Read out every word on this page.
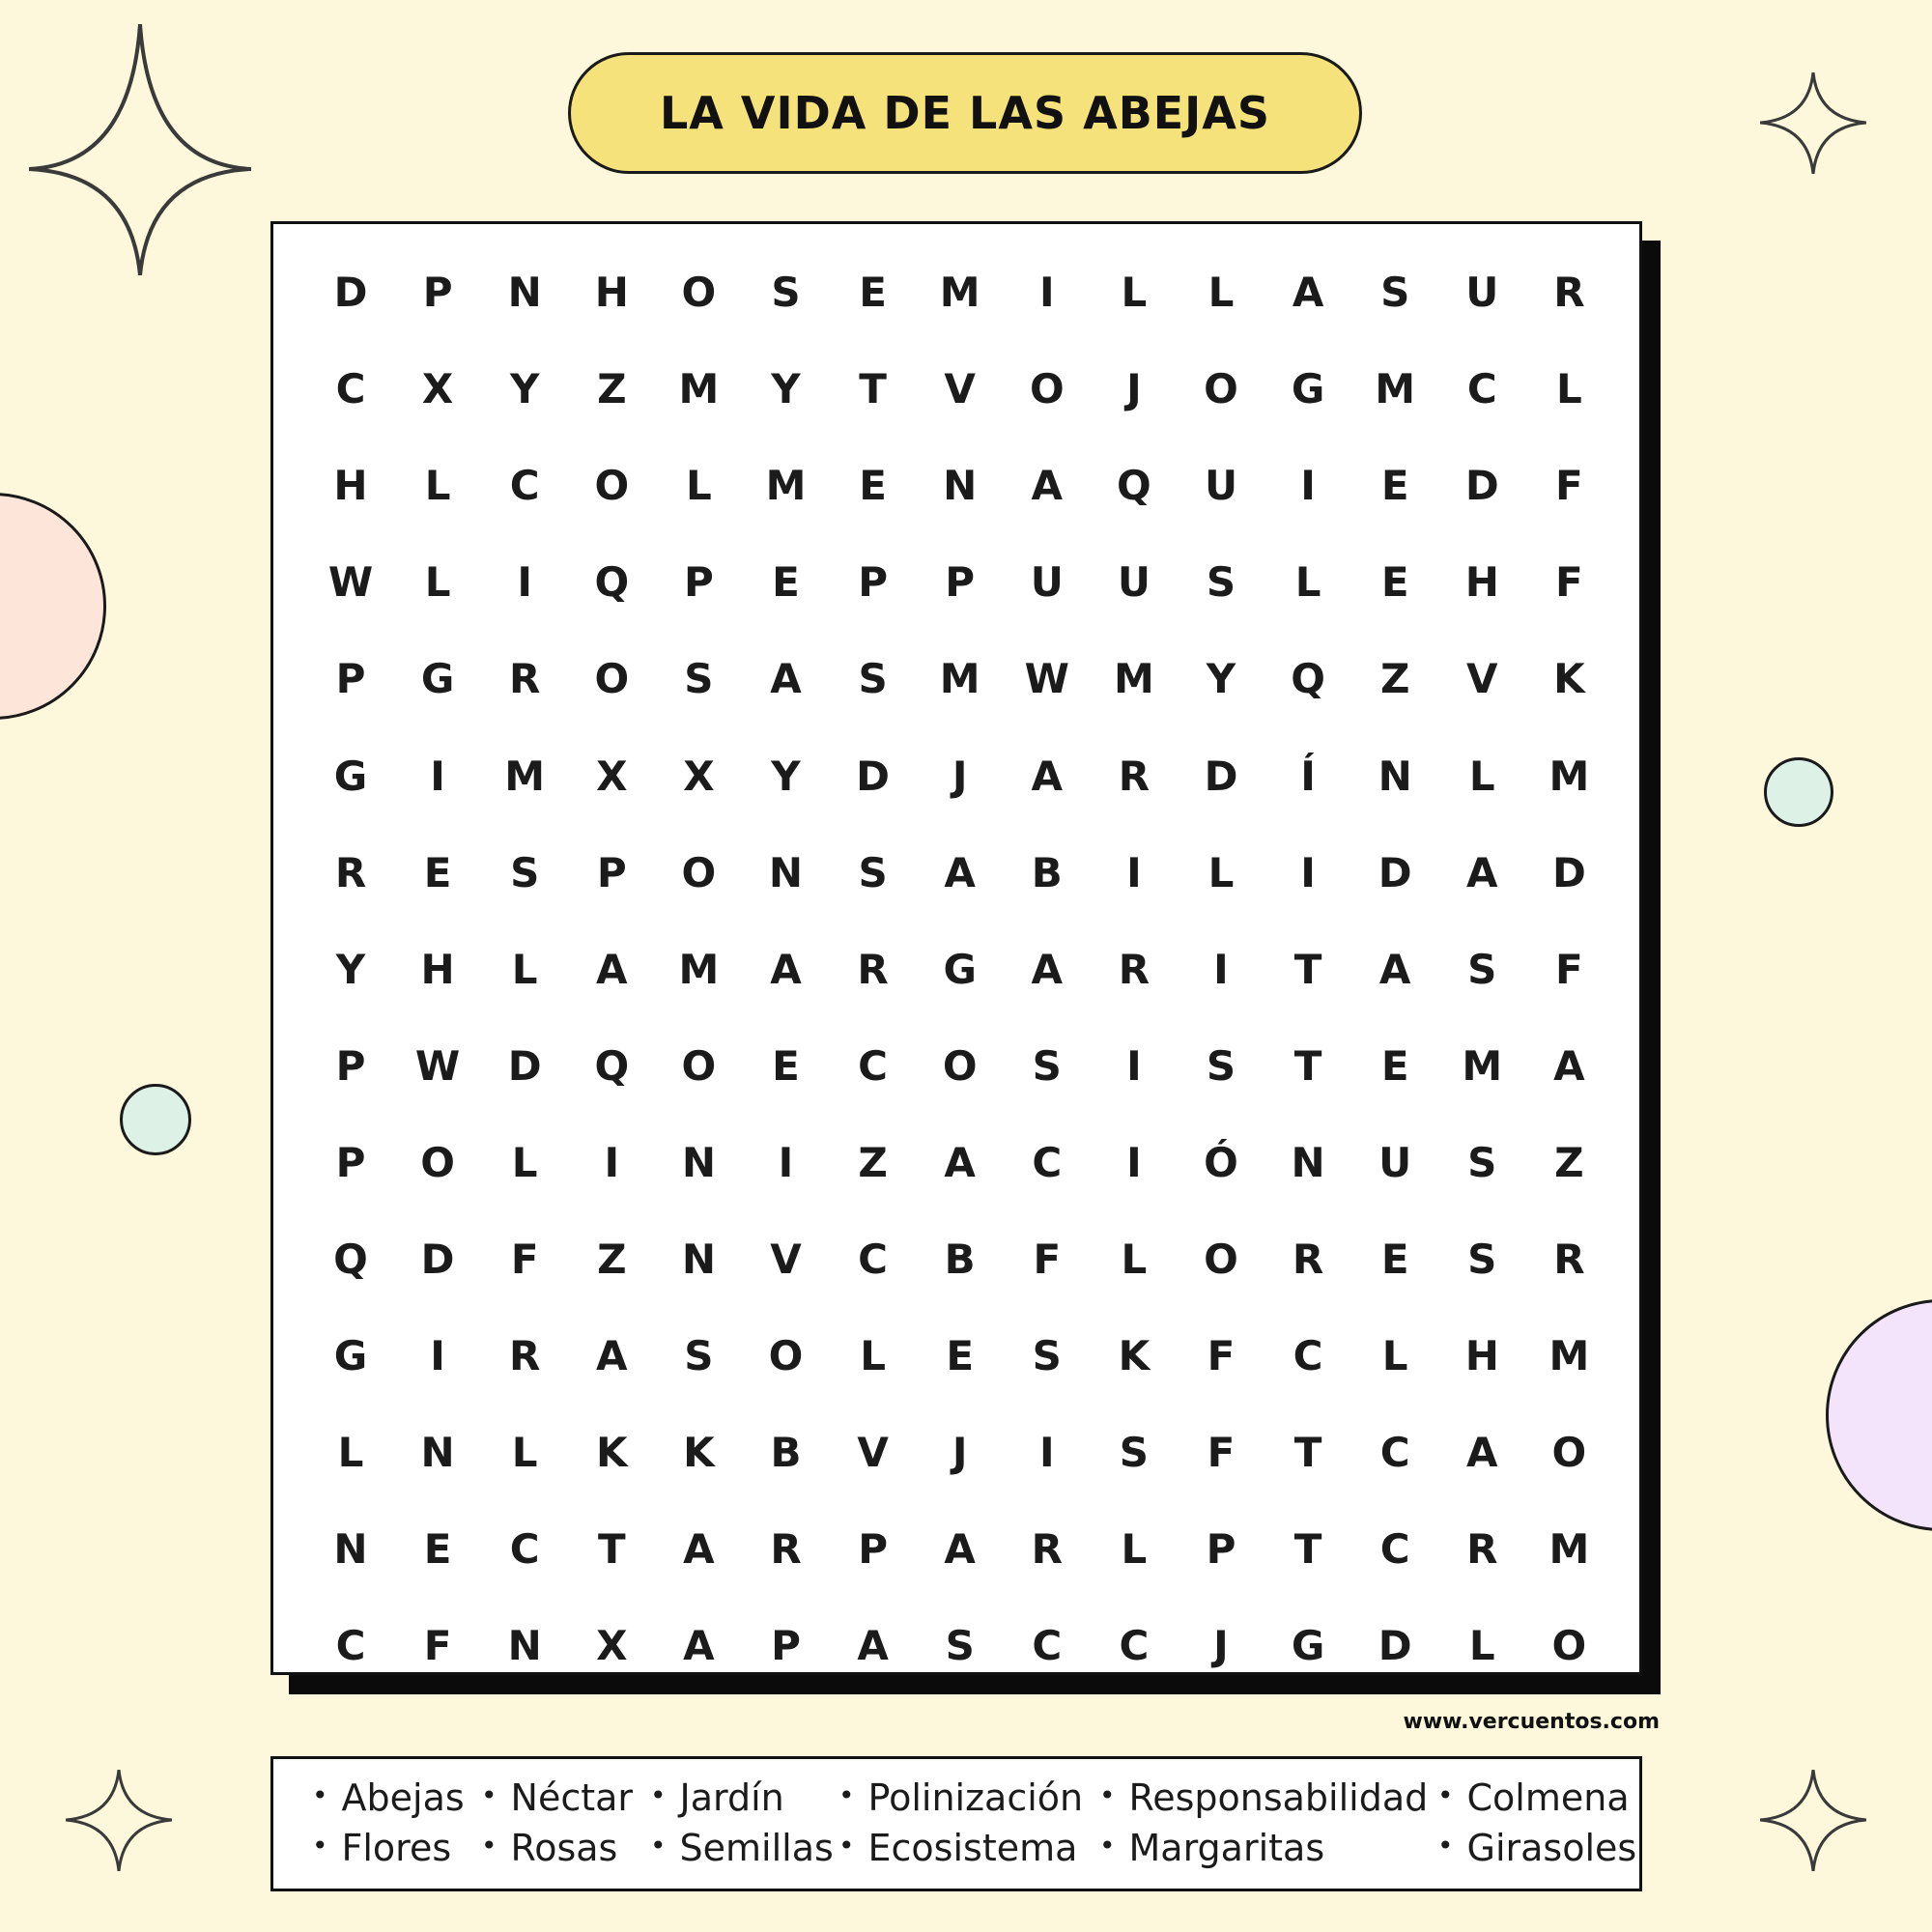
LA VIDA DE LAS ABEJAS
D	P	N	H	O	S	E	M	I	L	L	A	S	U	R
C	X	Y	Z	M	Y	T	V	O	J	O	G	M	C	L
H	L	C	O	L	M	E	N	A	Q	U	I	E	D	F
W	L	I	Q	P	E	P	P	U	U	S	L	E	H	F
P	G	R	O	S	A	S	M	W	M	Y	Q	Z	V	K
G	I	M	X	X	Y	D	J	A	R	D	Í	N	L	M
R	E	S	P	O	N	S	A	B	I	L	I	D	A	D
Y	H	L	A	M	A	R	G	A	R	I	T	A	S	F
P	W	D	Q	O	E	C	O	S	I	S	T	E	M	A
P	O	L	I	N	I	Z	A	C	I	Ó	N	U	S	Z
Q	D	F	Z	N	V	C	B	F	L	O	R	E	S	R
G	I	R	A	S	O	L	E	S	K	F	C	L	H	M
L	N	L	K	K	B	V	J	I	S	F	T	C	A	O
N	E	C	T	A	R	P	A	R	L	P	T	C	R	M
C	F	N	X	A	P	A	S	C	C	J	G	D	L	O
www.vercuentos.com
• Abejas
• Flores
• Néctar
• Rosas
• Jardín
• Semillas
• Polinización
• Ecosistema
• Responsabilidad
• Margaritas
• Colmena
• Girasoles
